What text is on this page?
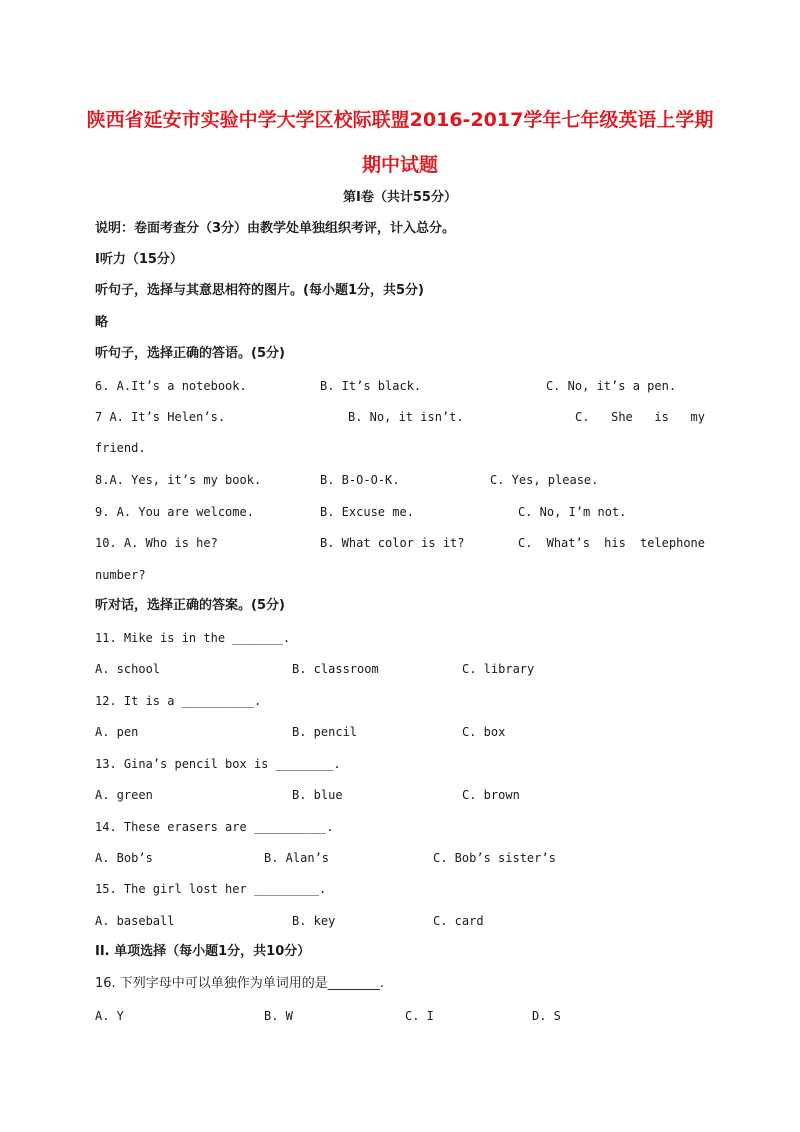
陕西省延安市实验中学大学区校际联盟2016-2017学年七年级英语上学期
期中试题
第Ⅰ卷（共计55分）
说明：卷面考查分（3分）由教学处单独组织考评，计入总分。
I听力（15分）
听句子，选择与其意思相符的图片。(每小题1分，共5分)
略
听句子，选择正确的答语。(5分)
6. A.It’s a notebook.	B. It’s black.	C. No, it’s a pen.
7 A. It’s Helen’s.	B. No, it isn’t.	C. She is my
friend.
8.A. Yes, it’s my book.	B. B-O-O-K.	C. Yes, please.
9. A. You are welcome.	B. Excuse me.	C. No, I’m not.
10. A. Who is he?	B. What color is it?	C. What’s his telephone
number?
听对话，选择正确的答案。(5分)
11. Mike is in the _______.
A. school	B. classroom	C. library
12. It is a __________.
A. pen	B. pencil	C. box
13. Gina’s pencil box is ________.
A. green	B. blue	C. brown
14. These erasers are __________.
A. Bob’s	B. Alan’s	C. Bob’s sister’s
15. The girl lost her _________.
A. baseball	B. key	C. card
II. 单项选择（每小题1分，共10分）
16. 下列字母中可以单独作为单词用的是________.
A. Y	B. W	C. I	D. S
